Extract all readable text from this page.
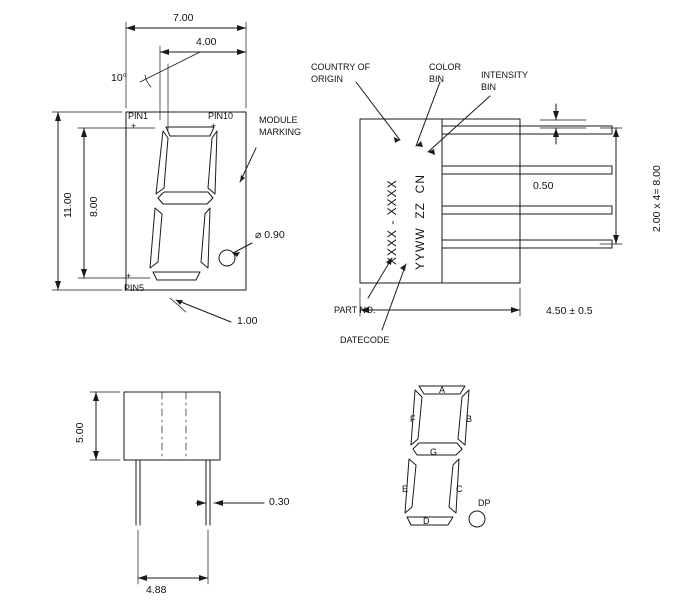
7.00
4.00
10°
11.00 8.00
⌀ 0.90
1.00
PIN1
+
PIN10
+
+
PIN5
MODULE
MARKING
COUNTRY OF
ORIGIN
COLOR
BIN	INTENSITY
BIN
PART NO.
DATECODE
XXXX - XXXX YYWW  ZZ  CN	0.50	2.00 x 4= 8.00
4.50 ± 0.5
5.00
0.30
4.88
A
B
C
D
E
F
G
DP
